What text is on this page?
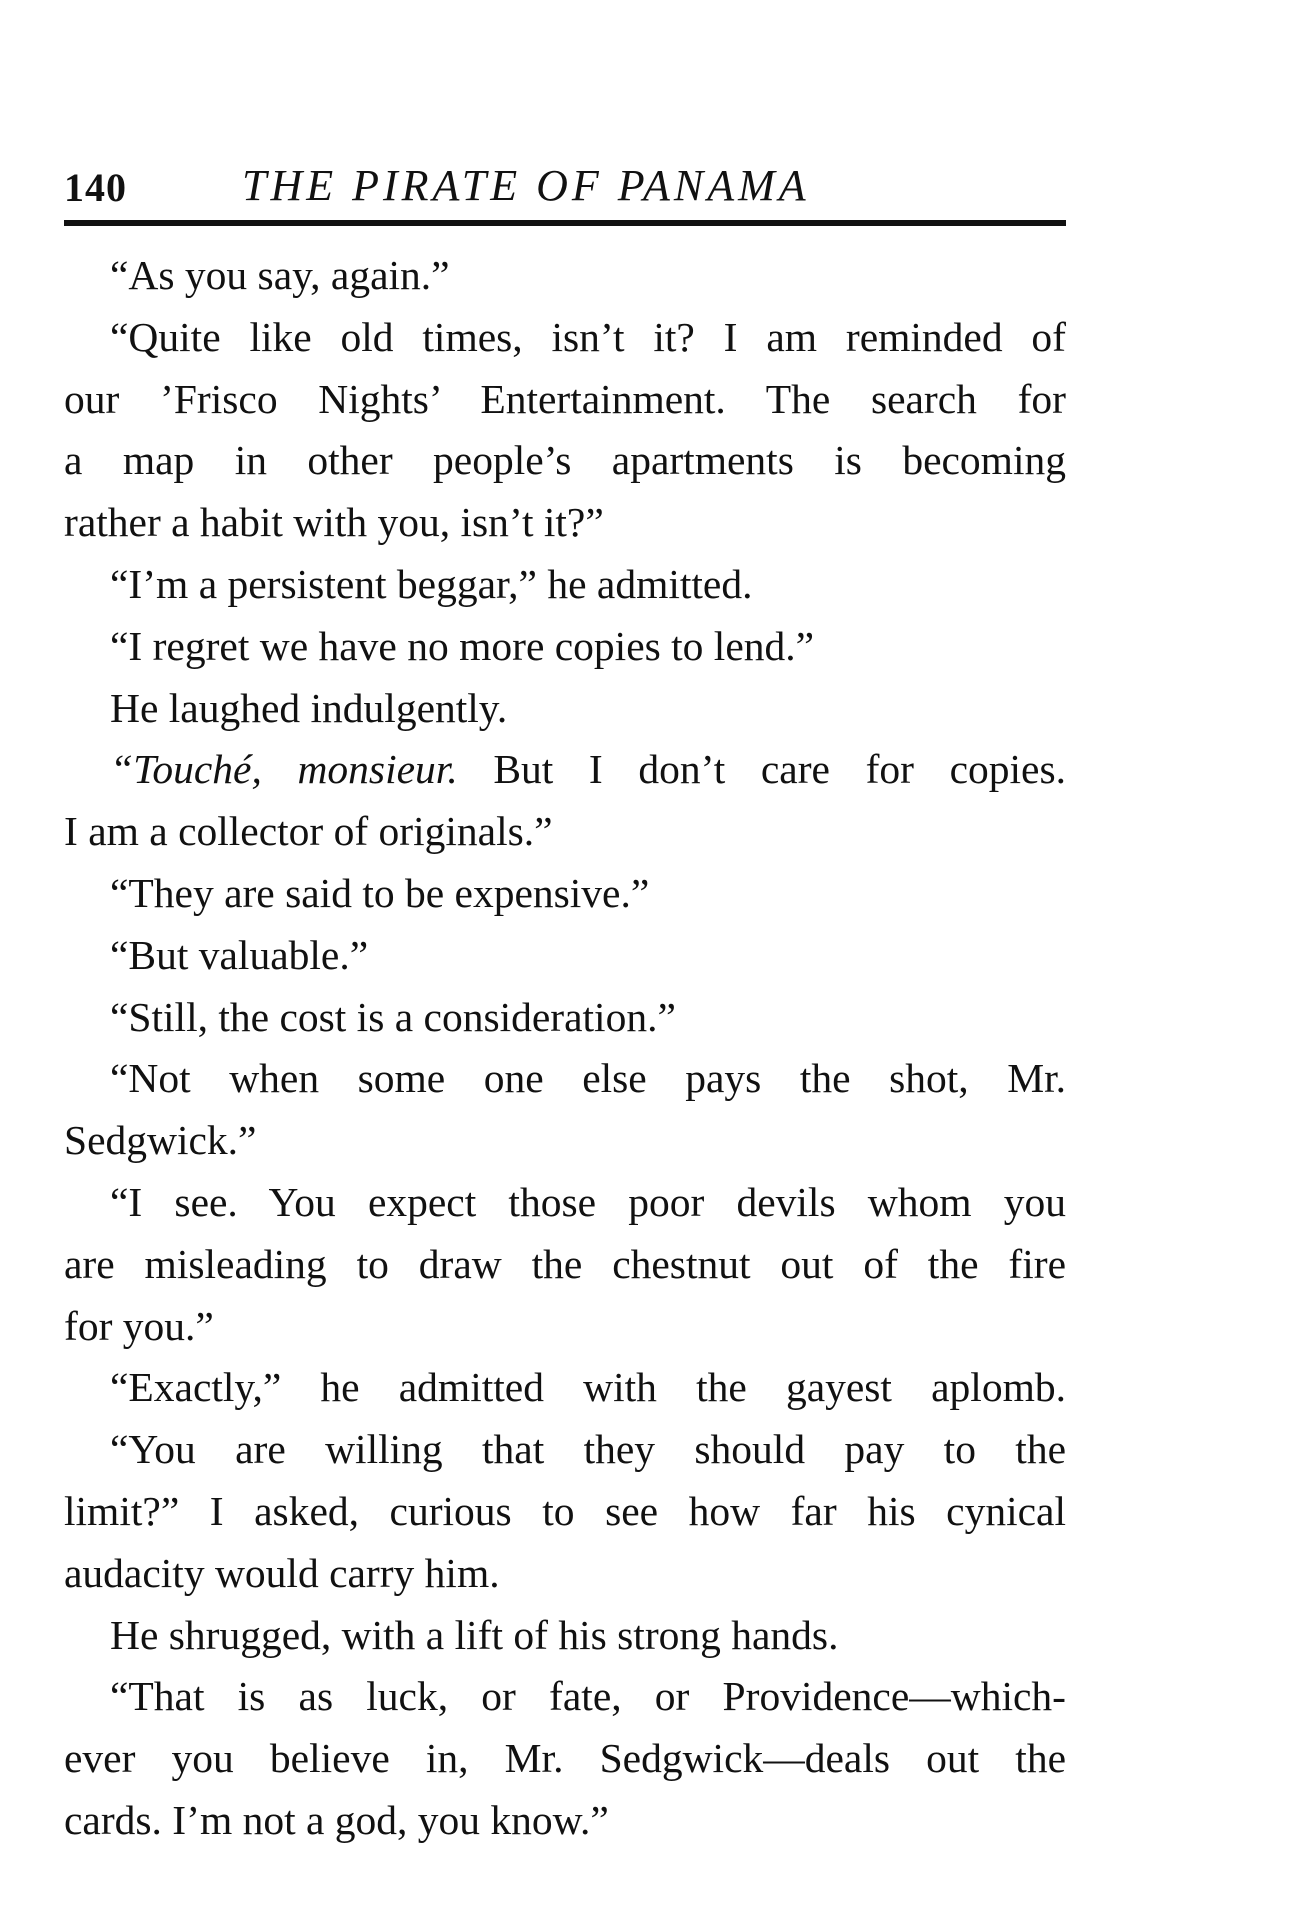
140	THE PIRATE OF PANAMA
“As you say, again.”
“Quite like old times, isn’t it? I am reminded of
our ’Frisco Nights’ Entertainment. The search for
a map in other people’s apartments is becoming
rather a habit with you, isn’t it?”
“I’m a persistent beggar,” he admitted.
“I regret we have no more copies to lend.”
He laughed indulgently.
“Touché, monsieur. But I don’t care for copies.
I am a collector of originals.”
“They are said to be expensive.”
“But valuable.”
“Still, the cost is a consideration.”
“Not when some one else pays the shot, Mr.
Sedgwick.”
“I see. You expect those poor devils whom you
are misleading to draw the chestnut out of the fire
for you.”
“Exactly,” he admitted with the gayest aplomb.
“You are willing that they should pay to the
limit?” I asked, curious to see how far his cynical
audacity would carry him.
He shrugged, with a lift of his strong hands.
“That is as luck, or fate, or Providence—which-
ever you believe in, Mr. Sedgwick—deals out the
cards. I’m not a god, you know.”
